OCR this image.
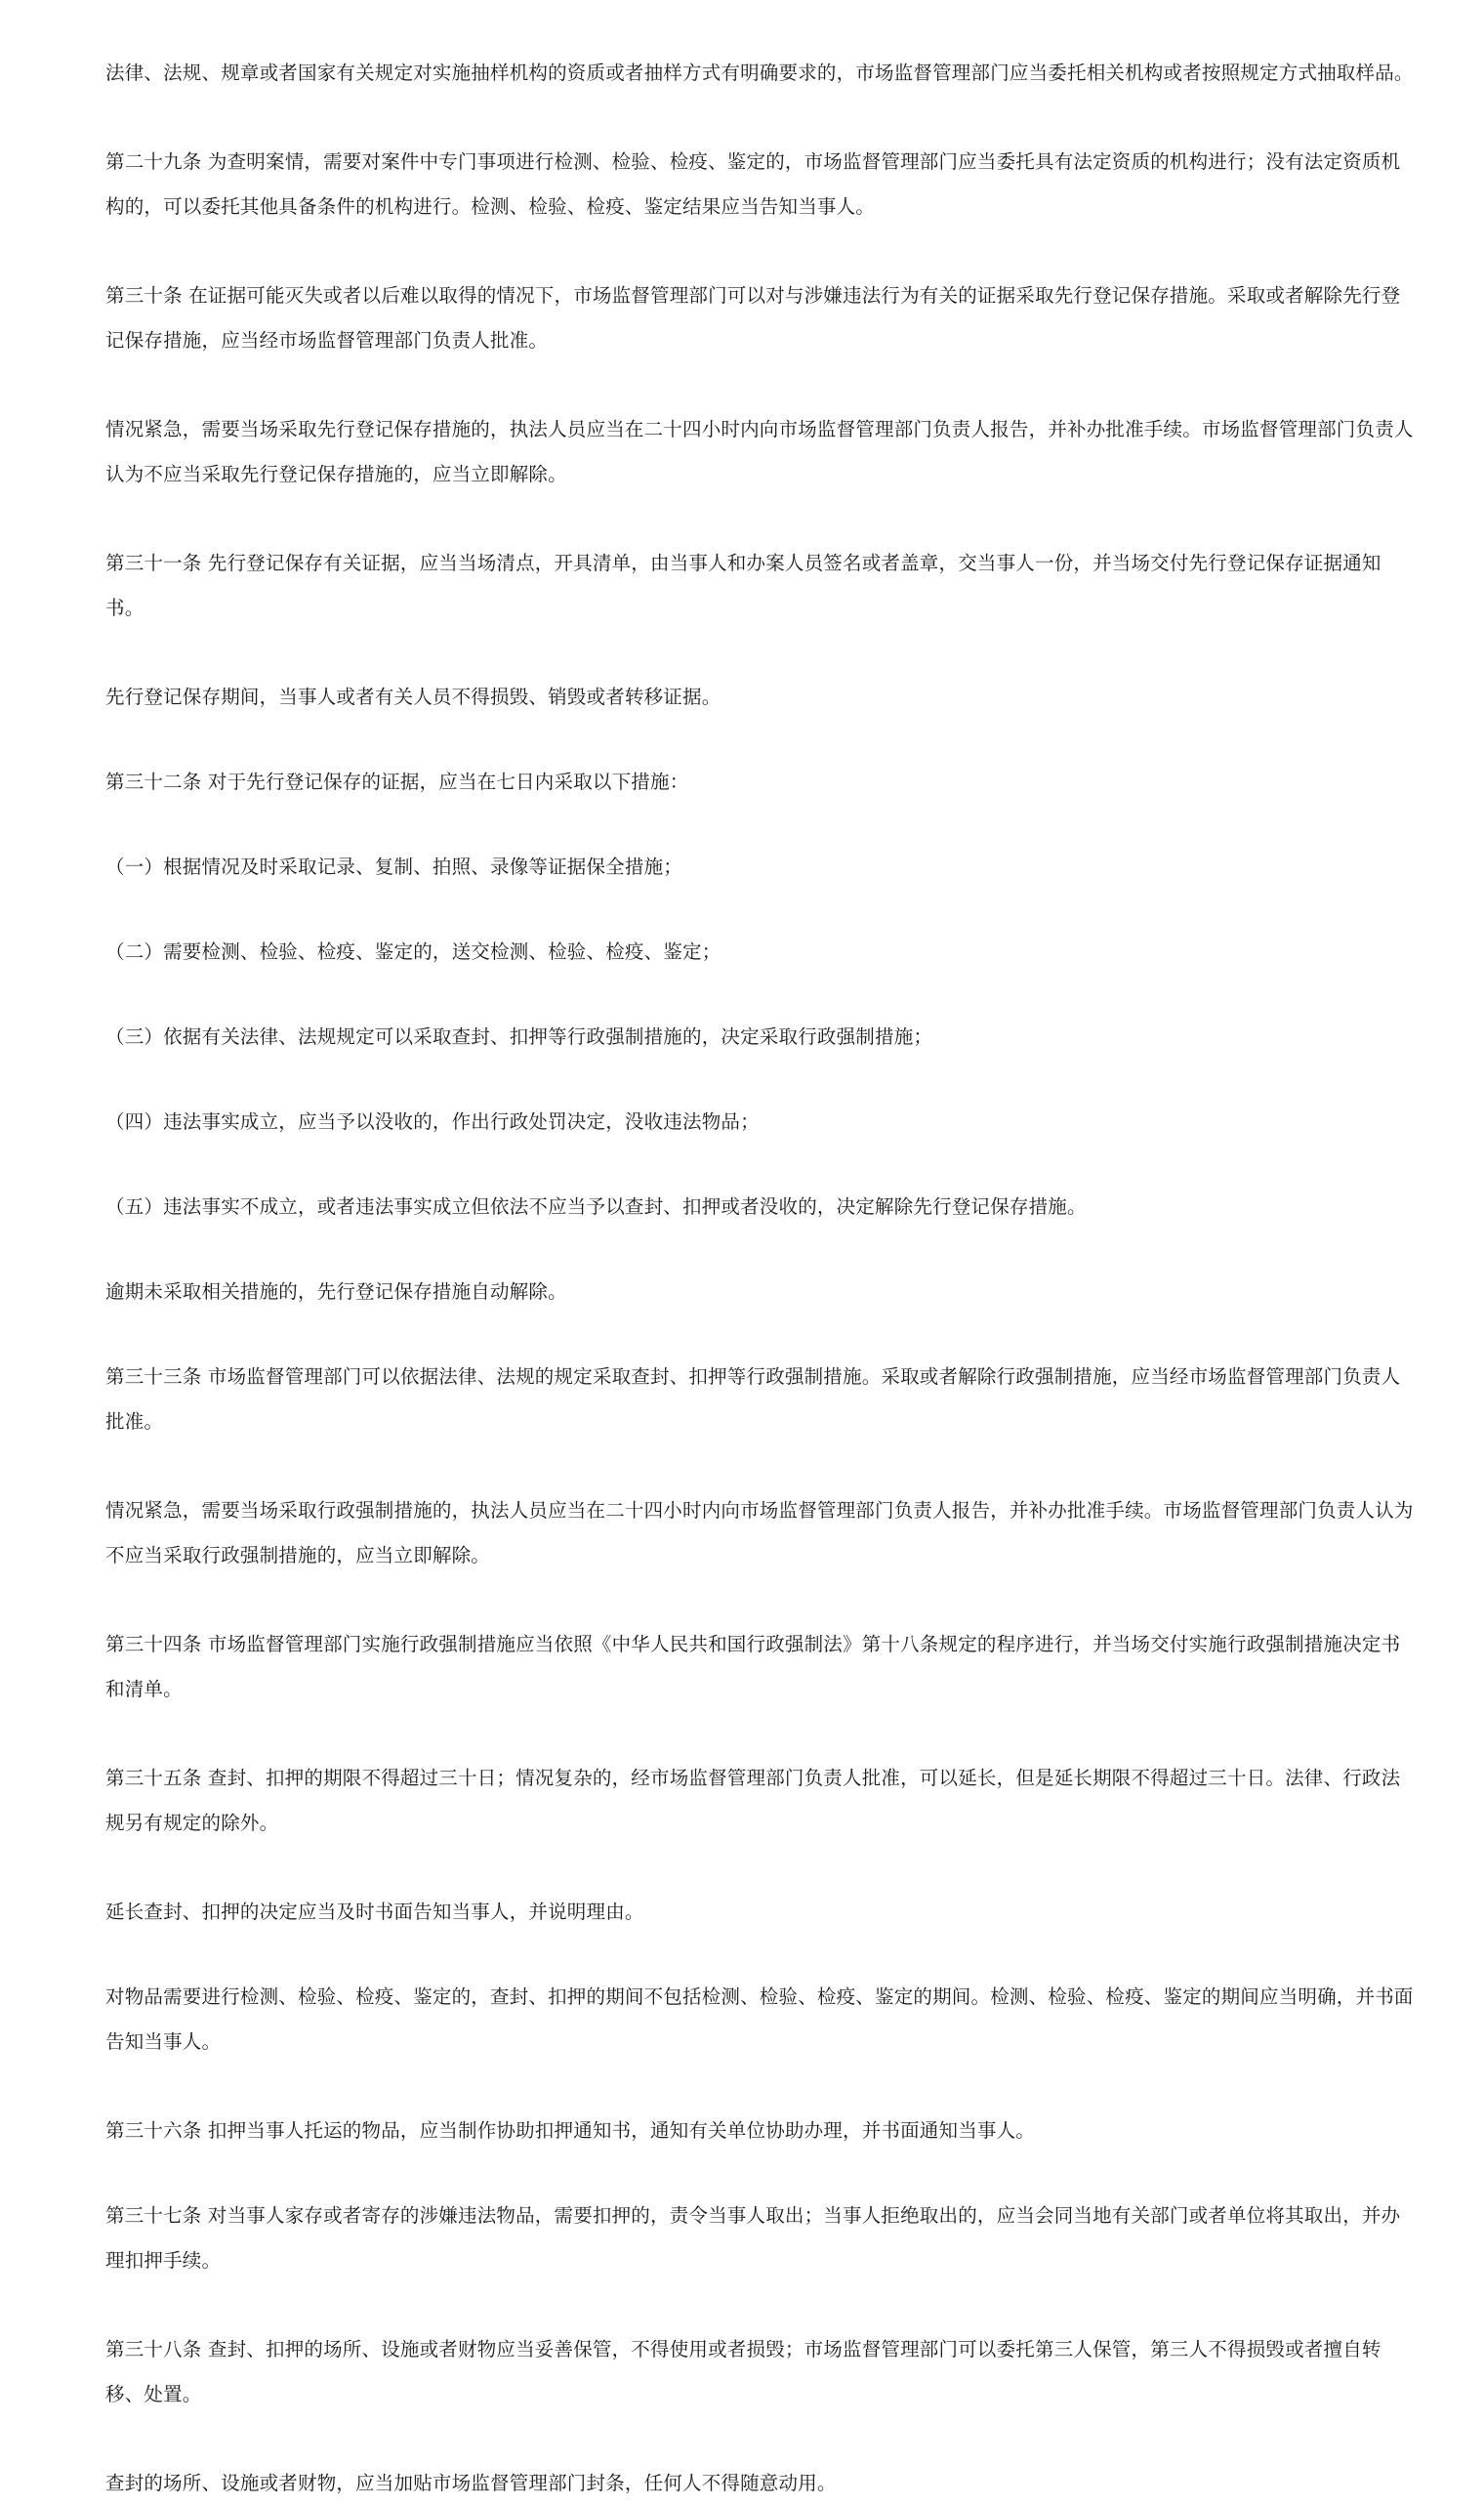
法律、法规、规章或者国家有关规定对实施抽样机构的资质或者抽样方式有明确要求的，市场监督管理部门应当委托相关机构或者按照规定方式抽取样品。

第二十九条 为查明案情，需要对案件中专门事项进行检测、检验、检疫、鉴定的，市场监督管理部门应当委托具有法定资质的机构进行；没有法定资质机构的，可以委托其他具备条件的机构进行。检测、检验、检疫、鉴定结果应当告知当事人。

第三十条 在证据可能灭失或者以后难以取得的情况下，市场监督管理部门可以对与涉嫌违法行为有关的证据采取先行登记保存措施。采取或者解除先行登记保存措施，应当经市场监督管理部门负责人批准。

情况紧急，需要当场采取先行登记保存措施的，执法人员应当在二十四小时内向市场监督管理部门负责人报告，并补办批准手续。市场监督管理部门负责人认为不应当采取先行登记保存措施的，应当立即解除。

第三十一条 先行登记保存有关证据，应当当场清点，开具清单，由当事人和办案人员签名或者盖章，交当事人一份，并当场交付先行登记保存证据通知书。

先行登记保存期间，当事人或者有关人员不得损毁、销毁或者转移证据。

第三十二条 对于先行登记保存的证据，应当在七日内采取以下措施：

（一）根据情况及时采取记录、复制、拍照、录像等证据保全措施；

（二）需要检测、检验、检疫、鉴定的，送交检测、检验、检疫、鉴定；

（三）依据有关法律、法规规定可以采取查封、扣押等行政强制措施的，决定采取行政强制措施；

（四）违法事实成立，应当予以没收的，作出行政处罚决定，没收违法物品；

（五）违法事实不成立，或者违法事实成立但依法不应当予以查封、扣押或者没收的，决定解除先行登记保存措施。

逾期未采取相关措施的，先行登记保存措施自动解除。

第三十三条 市场监督管理部门可以依据法律、法规的规定采取查封、扣押等行政强制措施。采取或者解除行政强制措施，应当经市场监督管理部门负责人批准。

情况紧急，需要当场采取行政强制措施的，执法人员应当在二十四小时内向市场监督管理部门负责人报告，并补办批准手续。市场监督管理部门负责人认为不应当采取行政强制措施的，应当立即解除。

第三十四条 市场监督管理部门实施行政强制措施应当依照《中华人民共和国行政强制法》第十八条规定的程序进行，并当场交付实施行政强制措施决定书和清单。

第三十五条 查封、扣押的期限不得超过三十日；情况复杂的，经市场监督管理部门负责人批准，可以延长，但是延长期限不得超过三十日。法律、行政法规另有规定的除外。

延长查封、扣押的决定应当及时书面告知当事人，并说明理由。

对物品需要进行检测、检验、检疫、鉴定的，查封、扣押的期间不包括检测、检验、检疫、鉴定的期间。检测、检验、检疫、鉴定的期间应当明确，并书面告知当事人。

第三十六条 扣押当事人托运的物品，应当制作协助扣押通知书，通知有关单位协助办理，并书面通知当事人。

第三十七条 对当事人家存或者寄存的涉嫌违法物品，需要扣押的，责令当事人取出；当事人拒绝取出的，应当会同当地有关部门或者单位将其取出，并办理扣押手续。

第三十八条 查封、扣押的场所、设施或者财物应当妥善保管，不得使用或者损毁；市场监督管理部门可以委托第三人保管，第三人不得损毁或者擅自转移、处置。

查封的场所、设施或者财物，应当加贴市场监督管理部门封条，任何人不得随意动用。
